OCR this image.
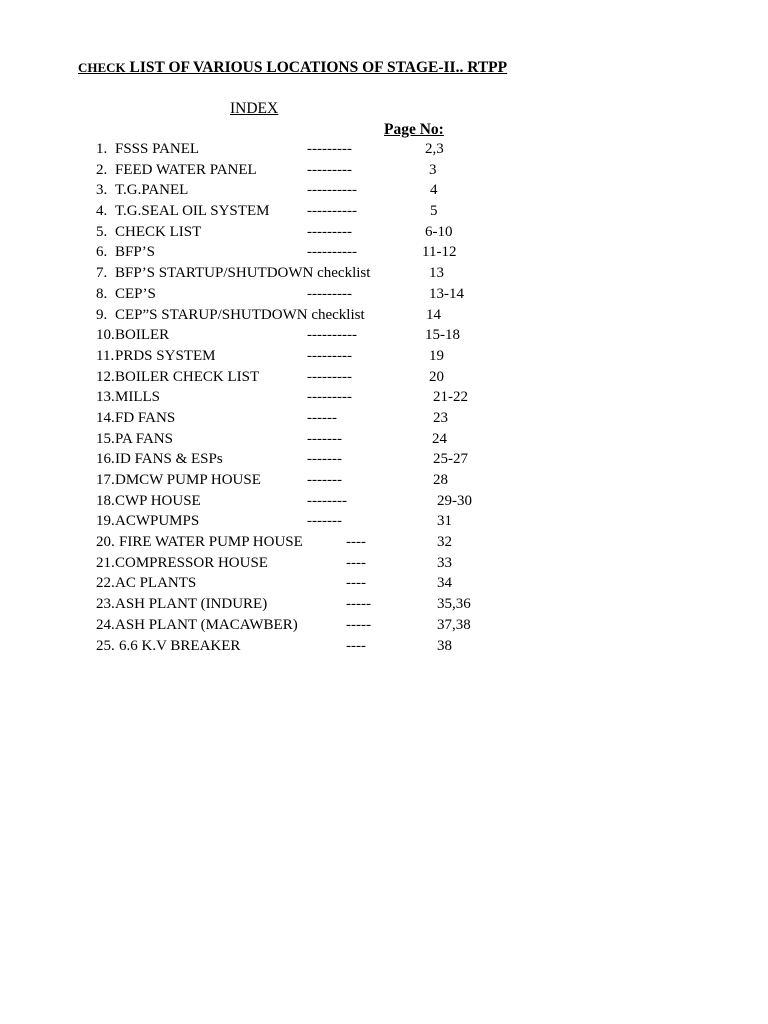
CHECK LIST OF VARIOUS LOCATIONS OF STAGE-II.. RTPP
INDEX
Page No:
1. FSSS PANEL	---------	2,3
2. FEED WATER PANEL	---------	3
3. T.G.PANEL	----------	4
4. T.G.SEAL OIL SYSTEM	----------	5
5. CHECK LIST	---------	6-10
6. BFP’S	----------	11-12
7. BFP’S STARTUP/SHUTDOWN checklist	13
8. CEP’S	---------	13-14
9. CEP”S STARUP/SHUTDOWN checklist	14
10. BOILER	----------	15-18
11. PRDS SYSTEM	---------	19
12. BOILER CHECK LIST	---------	20
13. MILLS	---------	21-22
14. FD FANS	------	23
15. PA FANS	-------	24
16. ID FANS & ESPs	-------	25-27
17. DMCW PUMP HOUSE	-------	28
18. CWP HOUSE	--------	29-30
19. ACWPUMPS	-------	31
20. FIRE WATER PUMP HOUSE	----	32
21. COMPRESSOR HOUSE	----	33
22. AC PLANTS	----	34
23. ASH PLANT (INDURE)	-----	35,36
24. ASH PLANT (MACAWBER)	-----	37,38
25. 6.6 K.V BREAKER	----	38
